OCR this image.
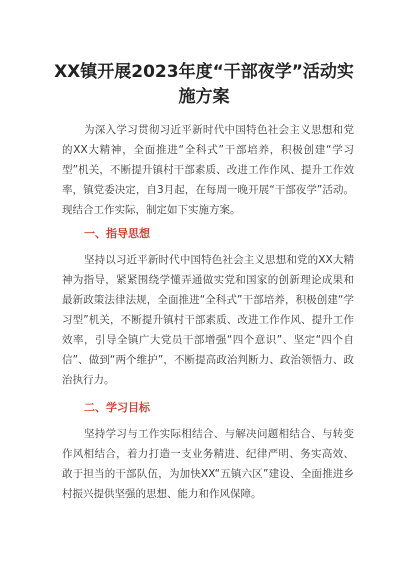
XX镇开展2023年度“干部夜学”活动实施方案

为深入学习贯彻习近平新时代中国特色社会主义思想和党的XX大精神，全面推进“全科式”干部培养，积极创建“学习型”机关，不断提升镇村干部素质、改进工作作风、提升工作效率，镇党委决定，自3月起，在每周一晚开展“干部夜学”活动。现结合工作实际，制定如下实施方案。

一、指导思想

坚持以习近平新时代中国特色社会主义思想和党的XX大精神为指导，紧紧围绕学懂弄通做实党和国家的创新理论成果和最新政策法律法规，全面推进“全科式”干部培养，积极创建“学习型”机关，不断提升镇村干部素质、改进工作作风、提升工作效率，引导全镇广大党员干部增强“四个意识”、坚定“四个自信”、做到“两个维护”，不断提高政治判断力、政治领悟力、政治执行力。

二、学习目标

坚持学习与工作实际相结合、与解决问题相结合、与转变作风相结合，着力打造一支业务精进、纪律严明、务实高效、敢于担当的干部队伍，为加快XX“五镇六区”建设、全面推进乡村振兴提供坚强的思想、能力和作风保障。
